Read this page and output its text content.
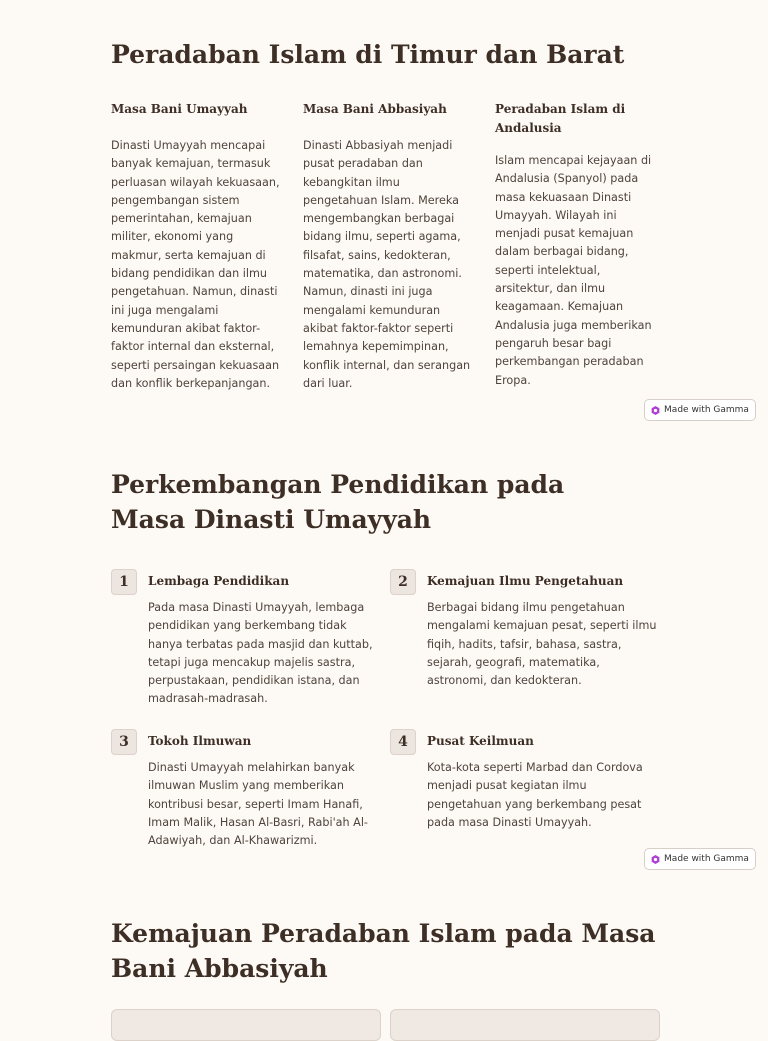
Peradaban Islam di Timur dan Barat
Masa Bani Umayyah

Dinasti Umayyah mencapai banyak kemajuan, termasuk perluasan wilayah kekuasaan, pengembangan sistem pemerintahan, kemajuan militer, ekonomi yang makmur, serta kemajuan di bidang pendidikan dan ilmu pengetahuan. Namun, dinasti ini juga mengalami kemunduran akibat faktor-faktor internal dan eksternal, seperti persaingan kekuasaan dan konflik berkepanjangan.

Masa Bani Abbasiyah

Dinasti Abbasiyah menjadi pusat peradaban dan kebangkitan ilmu pengetahuan Islam. Mereka mengembangkan berbagai bidang ilmu, seperti agama, filsafat, sains, kedokteran, matematika, dan astronomi. Namun, dinasti ini juga mengalami kemunduran akibat faktor-faktor seperti lemahnya kepemimpinan, konflik internal, dan serangan dari luar.

Peradaban Islam di Andalusia

Islam mencapai kejayaan di Andalusia (Spanyol) pada masa kekuasaan Dinasti Umayyah. Wilayah ini menjadi pusat kemajuan dalam berbagai bidang, seperti intelektual, arsitektur, dan ilmu keagamaan. Kemajuan Andalusia juga memberikan pengaruh besar bagi perkembangan peradaban Eropa.

Made with Gamma
Perkembangan Pendidikan pada Masa Dinasti Umayyah
1	Lembaga Pendidikan

Pada masa Dinasti Umayyah, lembaga pendidikan yang berkembang tidak hanya terbatas pada masjid dan kuttab, tetapi juga mencakup majelis sastra, perpustakaan, pendidikan istana, dan madrasah-madrasah.

2	Kemajuan Ilmu Pengetahuan

Berbagai bidang ilmu pengetahuan mengalami kemajuan pesat, seperti ilmu fiqih, hadits, tafsir, bahasa, sastra, sejarah, geografi, matematika, astronomi, dan kedokteran.

3	Tokoh Ilmuwan

Dinasti Umayyah melahirkan banyak ilmuwan Muslim yang memberikan kontribusi besar, seperti Imam Hanafi, Imam Malik, Hasan Al-Basri, Rabi'ah Al-Adawiyah, dan Al-Khawarizmi.

4	Pusat Keilmuan

Kota-kota seperti Marbad dan Cordova menjadi pusat kegiatan ilmu pengetahuan yang berkembang pesat pada masa Dinasti Umayyah.

Made with Gamma
Kemajuan Peradaban Islam pada Masa Bani Abbasiyah
